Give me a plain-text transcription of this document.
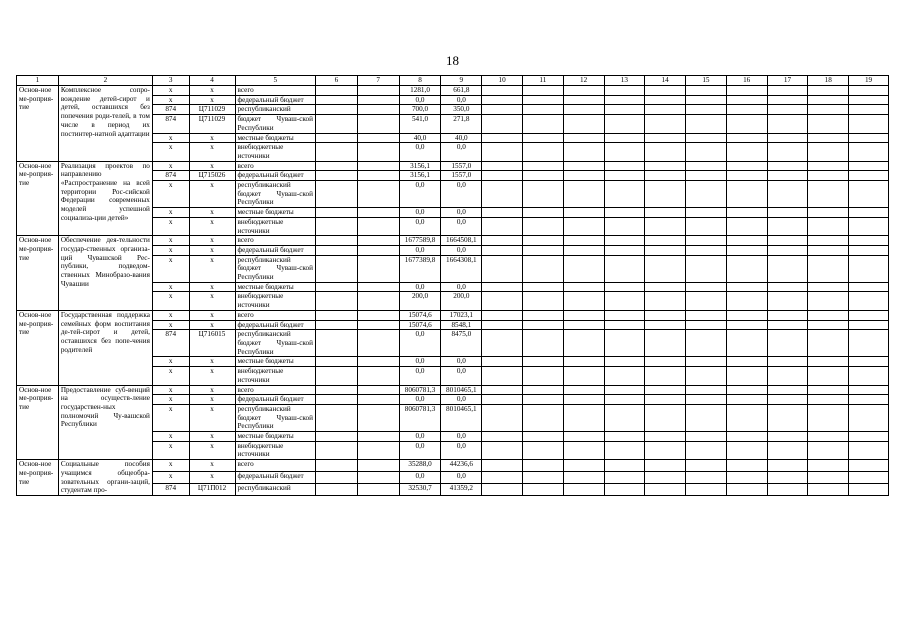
18
1	2	3	4	5	6	7	8	9	10	11	12	13	14	15	16	17	18	19
Основ-ное ме-роприя-тие	Комплексное сопро-вождение детей-сирот и детей, оставшихся без попечения роди-телей, в том числе в период их постинтер-натной адаптации	x	x	всего			1281,0	661,8										
		x	x	федеральный бюджет			0,0	0,0										
		874	Ц711029	республиканский			700,0	350,0										
		874	Ц711029	бюджет Чуваш-ской Республики			541,0	271,8										
		x	x	местные бюджеты			40,0	40,0										
		x	x	внебюджетные источники			0,0	0,0										
Основ-ное ме-роприя-тие	Реализация проектов по направлению «Распространение на всей территории Рос-сийской Федерации современных моделей успешной социализа-ции детей»	x	x	всего			3156,1	1557,0										
		874	Ц715026	федеральный бюджет			3156,1	1557,0										
		x	x	республиканский бюджет Чуваш-ской Республики			0,0	0,0										
		x	x	местные бюджеты			0,0	0,0										
		x	x	внебюджетные источники			0,0	0,0										
Основ-ное ме-роприя-тие	Обеспечение дея-тельности государ-ственных организа-ций Чувашской Рес-публики, подведом-ственных Минобразо-вания Чувашии	x	x	всего			1677589,8	1664508,1										
		x	x	федеральный бюджет			0,0	0,0										
		x	x	республиканский бюджет Чуваш-ской Республики			1677389,8	1664308,1										
		x	x	местные бюджеты			0,0	0,0										
		x	x	внебюджетные источники			200,0	200,0										
Основ-ное ме-роприя-тие	Государственная поддержка семейных форм воспитания де-тей-сирот и детей, оставшихся без попе-чения родителей	x	x	всего			15074,6	17023,1										
		x	x	федеральный бюджет			15074,6	8548,1										
		874	Ц716015	республиканский бюджет Чуваш-ской Республики			0,0	8475,0										
		x	x	местные бюджеты			0,0	0,0										
		x	x	внебюджетные источники			0,0	0,0										
Основ-ное ме-роприя-тие	Предоставление суб-венций на осуществ-ление государствен-ных полномочий Чу-вашской Республики	x	x	всего			8060781,3	8010465,1										
		x	x	федеральный бюджет			0,0	0,0										
		x	x	республиканский бюджет Чуваш-ской Республики			8060781,3	8010465,1										
		x	x	местные бюджеты			0,0	0,0										
		x	x	внебюджетные источники			0,0	0,0										
Основ-ное ме-роприя-тие	Социальные пособия учащимся общеобра-зовательных органи-заций, студентам про-	x	x	всего			35288,0	44236,6										
		x	x	федеральный бюджет			0,0	0,0										
		874	Ц71П012	республиканский			32530,7	41359,2										
